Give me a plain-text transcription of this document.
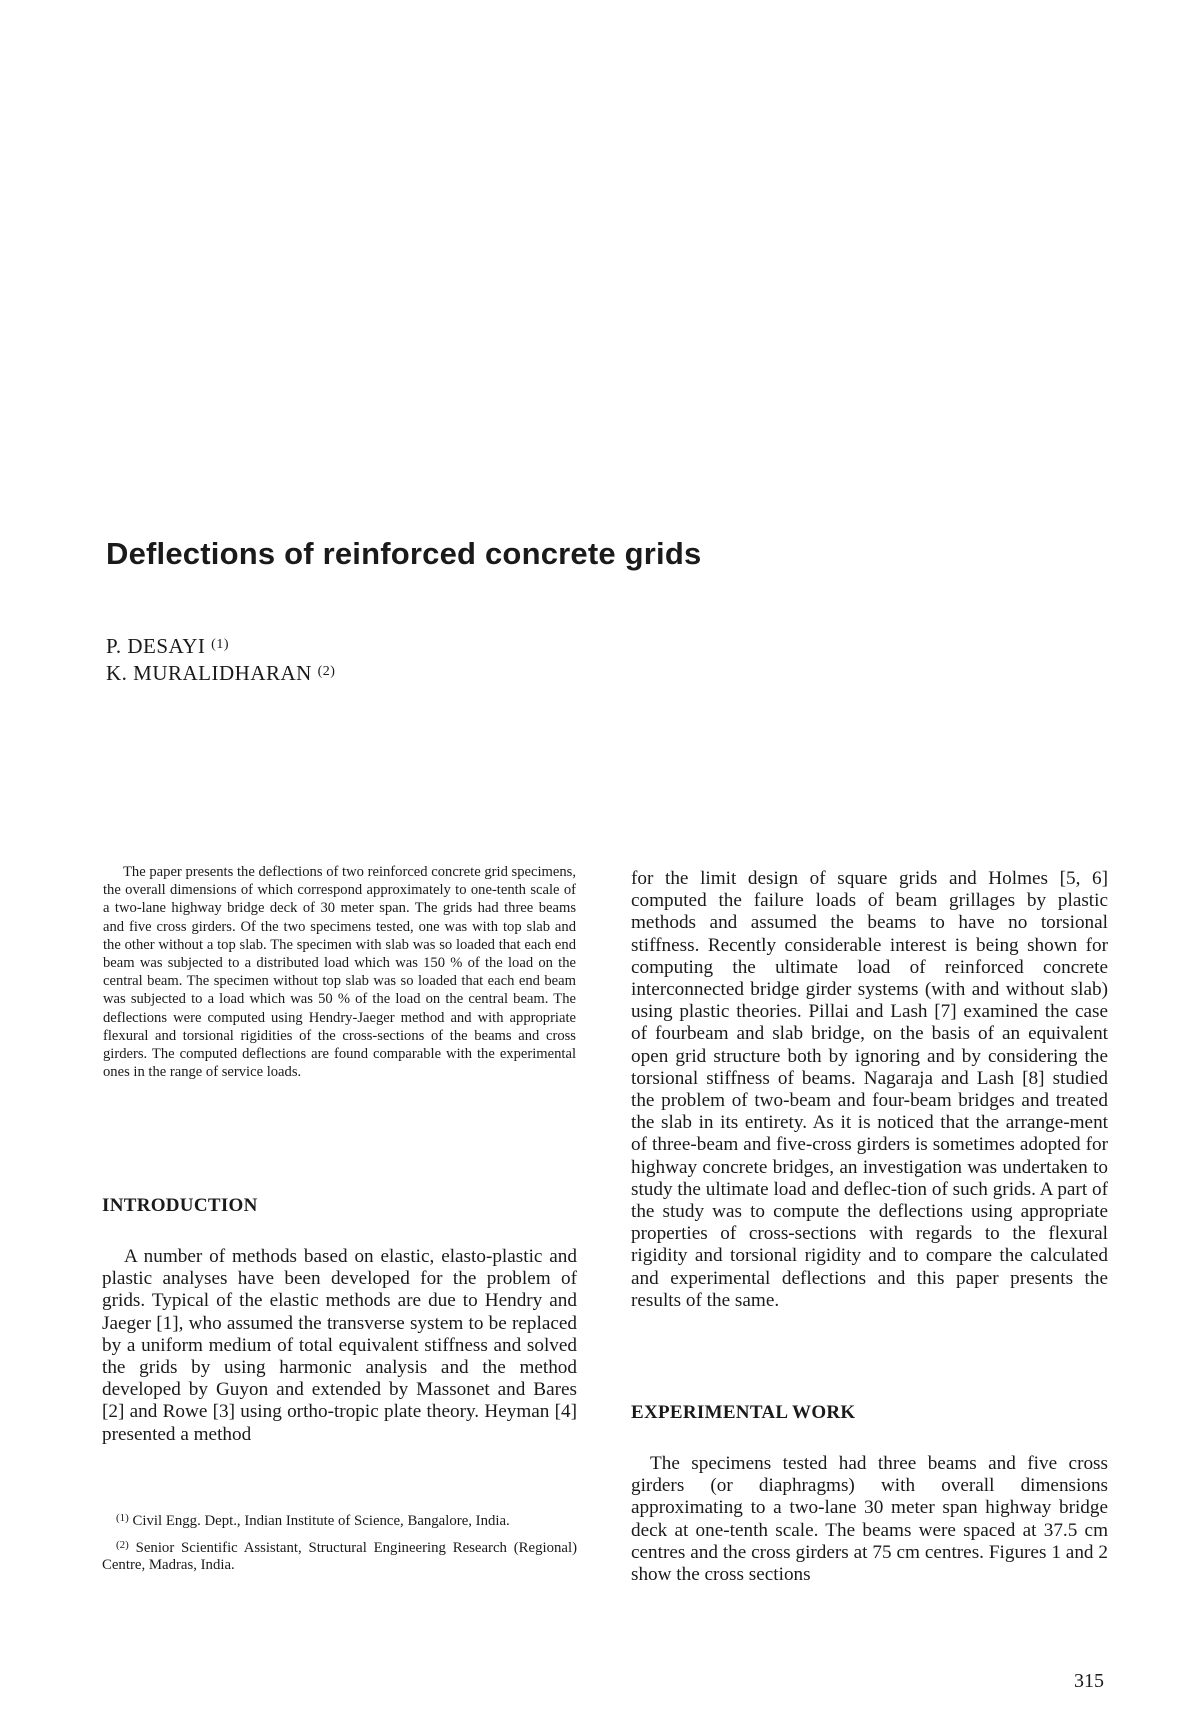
Deflections of reinforced concrete grids
P. DESAYI $^{(1)}$
K. MURALIDHARAN $^{(2)}$

The paper presents the deflections of two reinforced concrete grid specimens, the overall dimensions of which correspond approximately to one-tenth scale of a two-lane highway bridge deck of 30 meter span. The grids had three beams and five cross girders. Of the two specimens tested, one was with top slab and the other without a top slab. The specimen with slab was so loaded that each end beam was subjected to a distributed load which was 150 % of the load on the central beam. The specimen without top slab was so loaded that each end beam was subjected to a load which was 50 % of the load on the central beam. The deflections were computed using Hendry-Jaeger method and with appropriate flexural and torsional rigidities of the cross-sections of the beams and cross girders. The computed deflections are found comparable with the experimental ones in the range of service loads.

INTRODUCTION

A number of methods based on elastic, elasto-plastic and plastic analyses have been developed for the problem of grids. Typical of the elastic methods are due to Hendry and Jaeger [1], who assumed the transverse system to be replaced by a uniform medium of total equivalent stiffness and solved the grids by using harmonic analysis and the method developed by Guyon and extended by Massonet and Bares [2] and Rowe [3] using ortho-tropic plate theory. Heyman [4] presented a method

for the limit design of square grids and Holmes [5, 6] computed the failure loads of beam grillages by plastic methods and assumed the beams to have no torsional stiffness. Recently considerable interest is being shown for computing the ultimate load of reinforced concrete interconnected bridge girder systems (with and without slab) using plastic theories. Pillai and Lash [7] examined the case of fourbeam and slab bridge, on the basis of an equivalent open grid structure both by ignoring and by considering the torsional stiffness of beams. Nagaraja and Lash [8] studied the problem of two-beam and four-beam bridges and treated the slab in its entirety. As it is noticed that the arrange-ment of three-beam and five-cross girders is sometimes adopted for highway concrete bridges, an investigation was undertaken to study the ultimate load and deflec-tion of such grids. A part of the study was to compute the deflections using appropriate properties of cross-sections with regards to the flexural rigidity and torsional rigidity and to compare the calculated and experimental deflections and this paper presents the results of the same.

EXPERIMENTAL WORK

The specimens tested had three beams and five cross girders (or diaphragms) with overall dimensions approximating to a two-lane 30 meter span highway bridge deck at one-tenth scale. The beams were spaced at 37.5 cm centres and the cross girders at 75 cm centres. Figures 1 and 2 show the cross sections

$^{(1)}$ Civil Engg. Dept., Indian Institute of Science, Bangalore, India.

$^{(2)}$ Senior Scientific Assistant, Structural Engineering Research (Regional) Centre, Madras, India.

315
